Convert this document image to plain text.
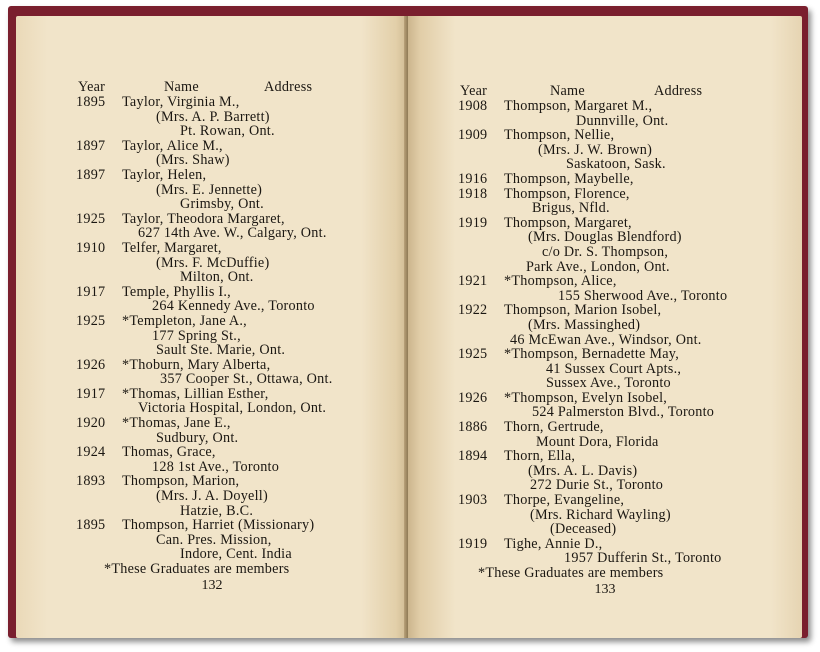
Year	Name	Address
1895 Taylor, Virginia M.,
(Mrs. A. P. Barrett)
Pt. Rowan, Ont.
1897 Taylor, Alice M.,
(Mrs. Shaw)
1897 Taylor, Helen,
(Mrs. E. Jennette)
Grimsby, Ont.
1925 Taylor, Theodora Margaret,
627 14th Ave. W., Calgary, Ont.
1910 Telfer, Margaret,
(Mrs. F. McDuffie)
Milton, Ont.
1917 Temple, Phyllis I.,
264 Kennedy Ave., Toronto
1925 *Templeton, Jane A.,
177 Spring St.,
Sault Ste. Marie, Ont.
1926 *Thoburn, Mary Alberta,
357 Cooper St., Ottawa, Ont.
1917 *Thomas, Lillian Esther,
Victoria Hospital, London, Ont.
1920 *Thomas, Jane E.,
Sudbury, Ont.
1924 Thomas, Grace,
128 1st Ave., Toronto
1893 Thompson, Marion,
(Mrs. J. A. Doyell)
Hatzie, B.C.
1895 Thompson, Harriet (Missionary)
Can. Pres. Mission,
Indore, Cent. India
*These Graduates are members
132
Year	Name	Address
1908 Thompson, Margaret M.,
Dunnville, Ont.
1909 Thompson, Nellie,
(Mrs. J. W. Brown)
Saskatoon, Sask.
1916 Thompson, Maybelle,
1918 Thompson, Florence,
Brigus, Nfld.
1919 Thompson, Margaret,
(Mrs. Douglas Blendford)
c/o Dr. S. Thompson,
Park Ave., London, Ont.
1921 *Thompson, Alice,
155 Sherwood Ave., Toronto
1922 Thompson, Marion Isobel,
(Mrs. Massinghed)
46 McEwan Ave., Windsor, Ont.
1925 *Thompson, Bernadette May,
41 Sussex Court Apts.,
Sussex Ave., Toronto
1926 *Thompson, Evelyn Isobel,
524 Palmerston Blvd., Toronto
1886 Thorn, Gertrude,
Mount Dora, Florida
1894 Thorn, Ella,
(Mrs. A. L. Davis)
272 Durie St., Toronto
1903 Thorpe, Evangeline,
(Mrs. Richard Wayling)
(Deceased)
1919 Tighe, Annie D.,
1957 Dufferin St., Toronto
*These Graduates are members
133
